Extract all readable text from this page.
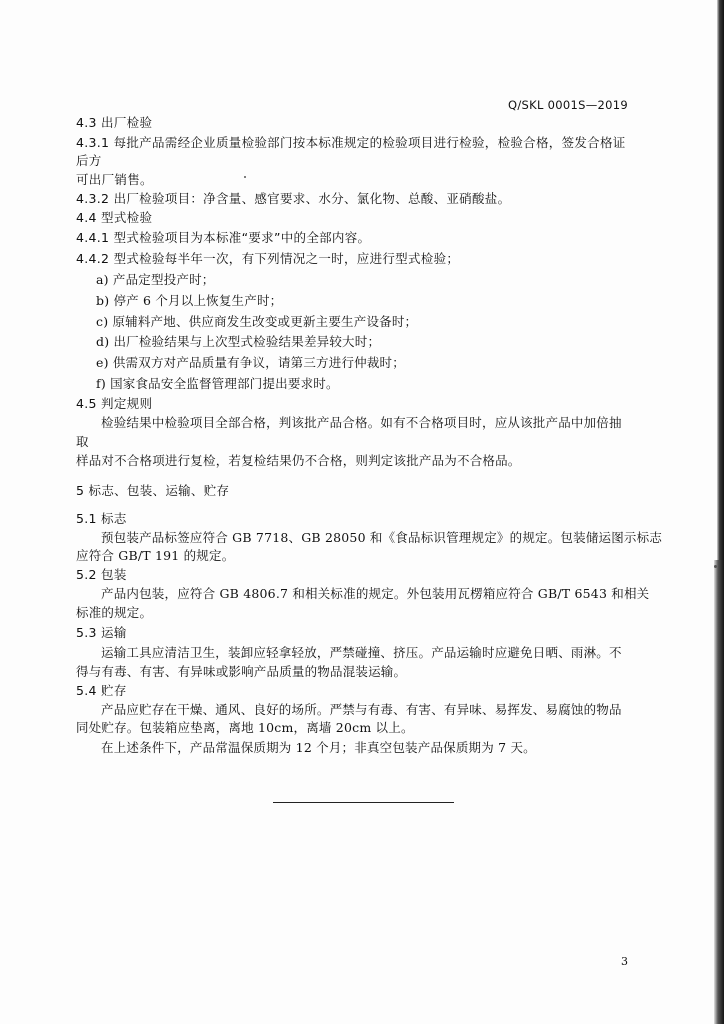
Q/SKL 0001S—2019
4.3 出厂检验
4.3.1 每批产品需经企业质量检验部门按本标准规定的检验项目进行检验，检验合格，签发合格证
后方
可出厂销售。
4.3.2 出厂检验项目：净含量、感官要求、水分、氯化物、总酸、亚硝酸盐。
4.4 型式检验
4.4.1 型式检验项目为本标准“要求”中的全部内容。
4.4.2 型式检验每半年一次，有下列情况之一时，应进行型式检验；
a) 产品定型投产时；
b) 停产 6 个月以上恢复生产时；
c) 原辅料产地、供应商发生改变或更新主要生产设备时；
d) 出厂检验结果与上次型式检验结果差异较大时；
e) 供需双方对产品质量有争议，请第三方进行仲裁时；
f) 国家食品安全监督管理部门提出要求时。
4.5 判定规则
检验结果中检验项目全部合格，判该批产品合格。如有不合格项目时，应从该批产品中加倍抽
取
样品对不合格项进行复检，若复检结果仍不合格，则判定该批产品为不合格品。
5 标志、包装、运输、贮存
5.1 标志
预包装产品标签应符合 GB 7718、GB 28050 和《食品标识管理规定》的规定。包装储运图示标志
应符合 GB/T 191 的规定。
5.2 包装
产品内包装，应符合 GB 4806.7 和相关标准的规定。外包装用瓦楞箱应符合 GB/T 6543 和相关
标准的规定。
5.3 运输
运输工具应清洁卫生，装卸应轻拿轻放，严禁碰撞、挤压。产品运输时应避免日晒、雨淋。不
得与有毒、有害、有异味或影响产品质量的物品混装运输。
5.4 贮存
产品应贮存在干燥、通风、良好的场所。严禁与有毒、有害、有异味、易挥发、易腐蚀的物品
同处贮存。包装箱应垫离，离地 10cm，离墙 20cm 以上。
在上述条件下，产品常温保质期为 12 个月；非真空包装产品保质期为 7 天。
3
